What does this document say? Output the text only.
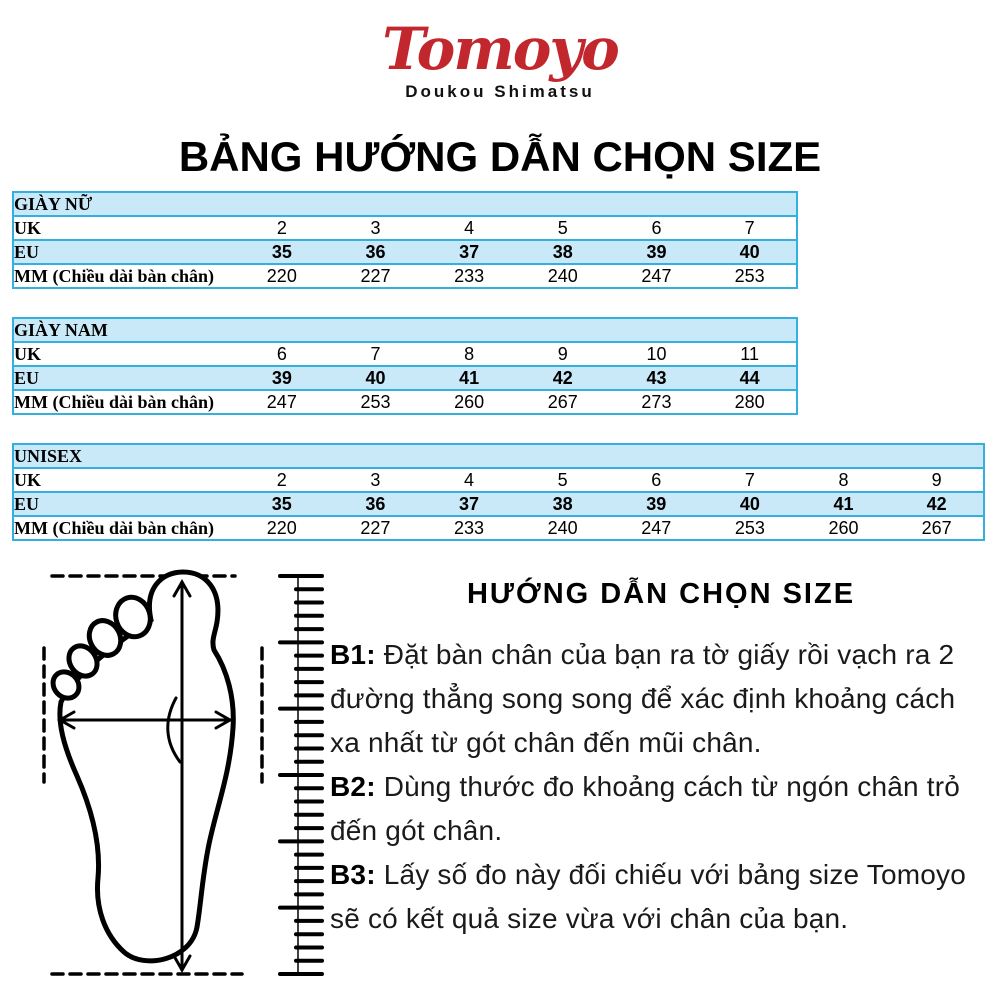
Tomoyo
Doukou Shimatsu
BẢNG HƯỚNG DẪN CHỌN SIZE
GIÀY NỮ						
UK	2	3	4	5	6	7
EU	35	36	37	38	39	40
MM (Chiều dài bàn chân)	220	227	233	240	247	253
GIÀY NAM						
UK	6	7	8	9	10	11
EU	39	40	41	42	43	44
MM (Chiều dài bàn chân)	247	253	260	267	273	280
UNISEX								
UK	2	3	4	5	6	7	8	9
EU	35	36	37	38	39	40	41	42
MM (Chiều dài bàn chân)	220	227	233	240	247	253	260	267
HƯỚNG DẪN CHỌN SIZE

B1: Đặt bàn chân của bạn ra tờ giấy rồi vạch ra 2 đường thẳng song song để xác định khoảng cách xa nhất từ gót chân đến mũi chân.

B2: Dùng thước đo khoảng cách từ ngón chân trỏ đến gót chân.

B3: Lấy số đo này đối chiếu với bảng size Tomoyo sẽ có kết quả size vừa với chân của bạn.
